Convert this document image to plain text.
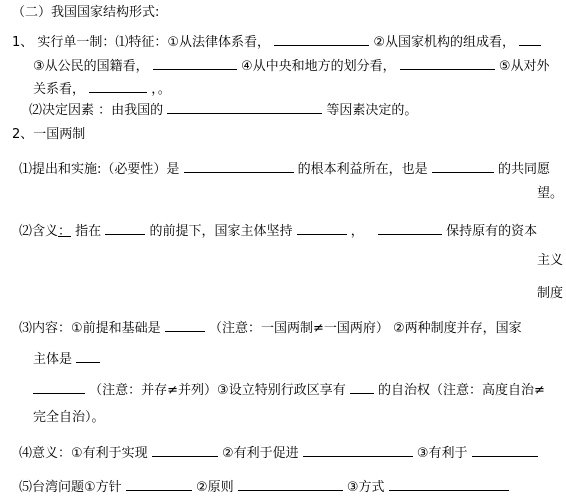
（二）我国国家结构形式:
1、 实行单一制：⑴特征：①从法律体系看，	②从国家机构的组成看，
③从公民的国籍看，	④从中央和地方的划分看，	⑤从对外
关系看，	，。
⑵决定因素 ：由我国的	等因素决定的。
2、一国两制
⑴提出和实施:（必要性）是	的根本利益所在，也是	的共同愿
望。
⑵含义： 指在	的前提下，国家主体坚持	，	保持原有的资本
主义
制度
⑶内容：①前提和基础是	（注意：一国两制≠一国两府） ②两种制度并存，国家
主体是
（注意：并存≠并列）③设立特别行政区享有 的自治权（注意：高度自治≠
完全自治）。
⑷意义：①有利于实现	②有利于促进	③有利于
⑸台湾问题①方针	②原则	③方式
